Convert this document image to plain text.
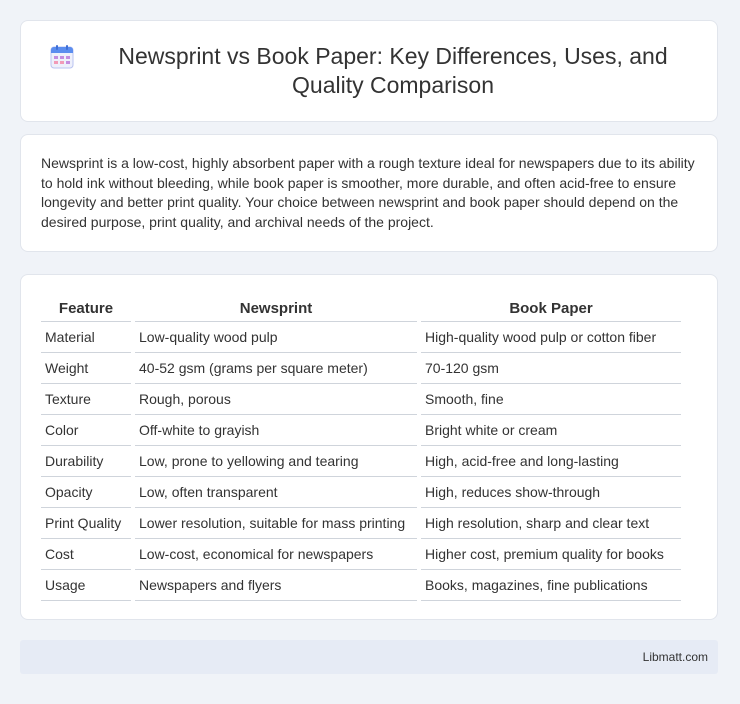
Newsprint vs Book Paper: Key Differences, Uses, and Quality Comparison

Newsprint is a low-cost, highly absorbent paper with a rough texture ideal for newspapers due to its ability to hold ink without bleeding, while book paper is smoother, more durable, and often acid-free to ensure longevity and better print quality. Your choice between newsprint and book paper should depend on the desired purpose, print quality, and archival needs of the project.

Feature	Newsprint	Book Paper
Material	Low-quality wood pulp	High-quality wood pulp or cotton fiber
Weight	40-52 gsm (grams per square meter)	70-120 gsm
Texture	Rough, porous	Smooth, fine
Color	Off-white to grayish	Bright white or cream
Durability	Low, prone to yellowing and tearing	High, acid-free and long-lasting
Opacity	Low, often transparent	High, reduces show-through
Print Quality	Lower resolution, suitable for mass printing	High resolution, sharp and clear text
Cost	Low-cost, economical for newspapers	Higher cost, premium quality for books
Usage	Newspapers and flyers	Books, magazines, fine publications
Libmatt.com
